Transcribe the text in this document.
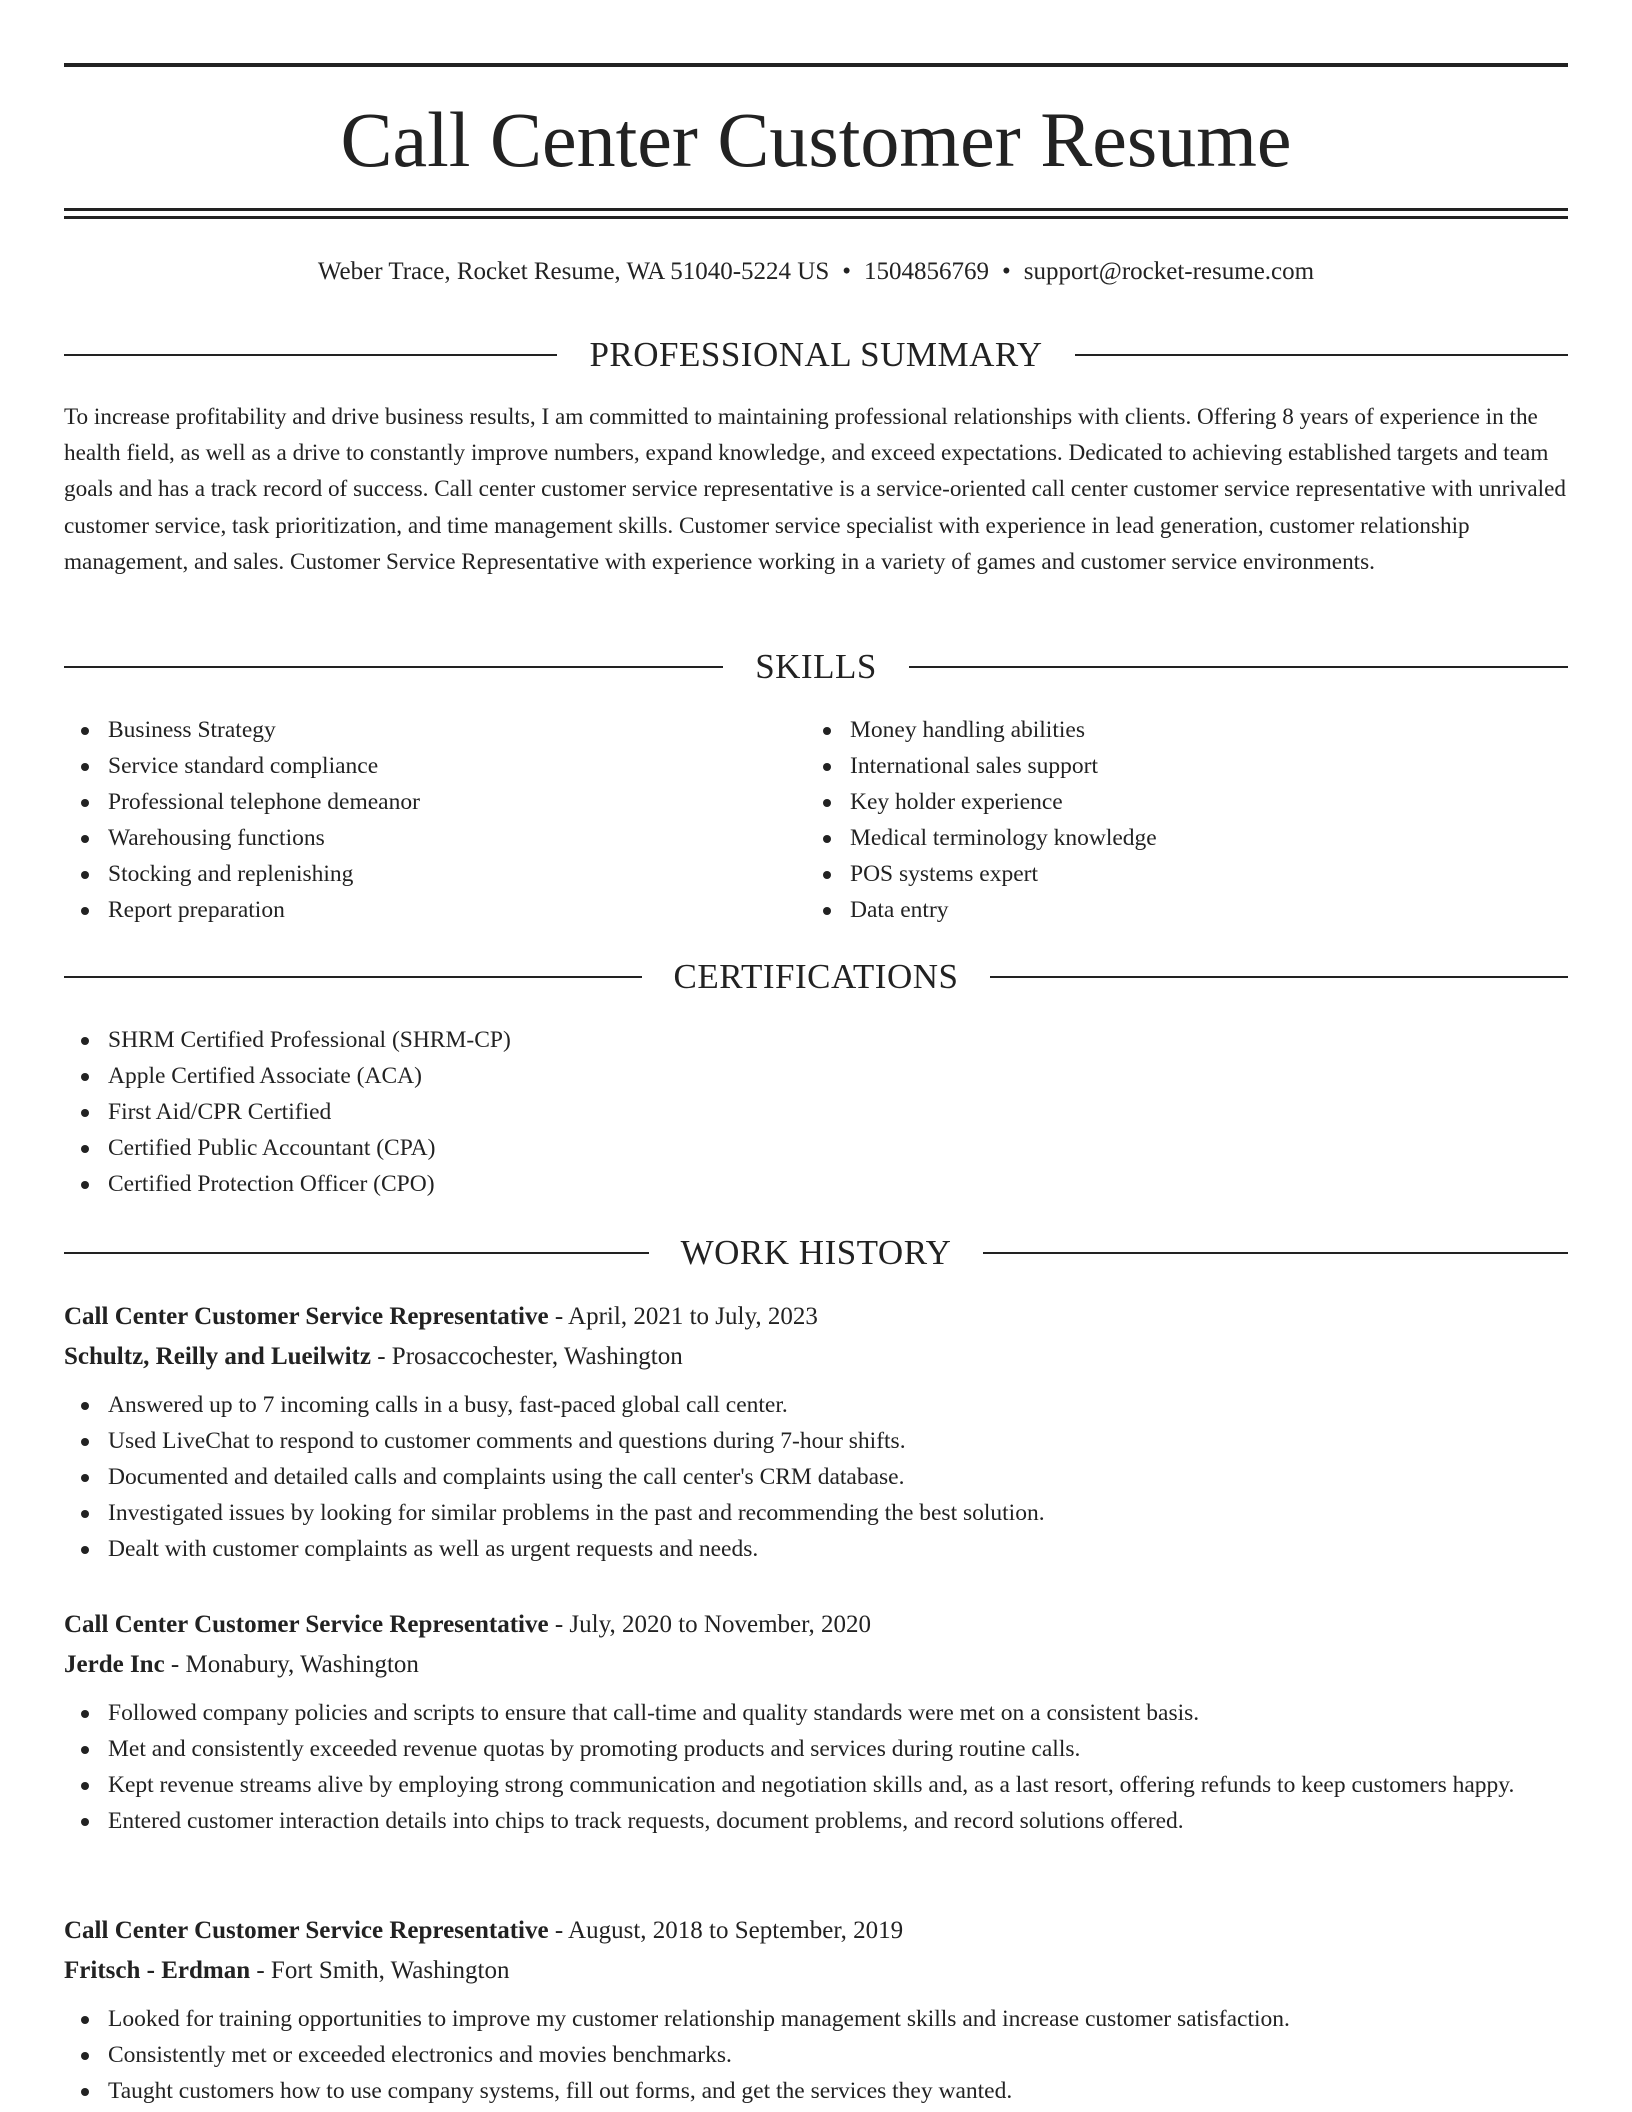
Call Center Customer Resume
Weber Trace, Rocket Resume, WA 51040-5224 US • 1504856769 • support@rocket-resume.com
PROFESSIONAL SUMMARY

To increase profitability and drive business results, I am committed to maintaining professional relationships with clients. Offering 8 years of experience in the health field, as well as a drive to constantly improve numbers, expand knowledge, and exceed expectations. Dedicated to achieving established targets and team goals and has a track record of success. Call center customer service representative is a service-oriented call center customer service representative with unrivaled customer service, task prioritization, and time management skills. Customer service specialist with experience in lead generation, customer relationship management, and sales. Customer Service Representative with experience working in a variety of games and customer service environments.

SKILLS
Business Strategy
Service standard compliance
Professional telephone demeanor
Warehousing functions
Stocking and replenishing
Report preparation
Money handling abilities
International sales support
Key holder experience
Medical terminology knowledge
POS systems expert
Data entry
CERTIFICATIONS
SHRM Certified Professional (SHRM-CP)
Apple Certified Associate (ACA)
First Aid/CPR Certified
Certified Public Accountant (CPA)
Certified Protection Officer (CPO)
WORK HISTORY
Call Center Customer Service Representative - April, 2021 to July, 2023
Schultz, Reilly and Lueilwitz - Prosaccochester, Washington
Answered up to 7 incoming calls in a busy, fast-paced global call center.
Used LiveChat to respond to customer comments and questions during 7-hour shifts.
Documented and detailed calls and complaints using the call center's CRM database.
Investigated issues by looking for similar problems in the past and recommending the best solution.
Dealt with customer complaints as well as urgent requests and needs.
Call Center Customer Service Representative - July, 2020 to November, 2020
Jerde Inc - Monabury, Washington
Followed company policies and scripts to ensure that call-time and quality standards were met on a consistent basis.
Met and consistently exceeded revenue quotas by promoting products and services during routine calls.
Kept revenue streams alive by employing strong communication and negotiation skills and, as a last resort, offering refunds to keep customers happy.
Entered customer interaction details into chips to track requests, document problems, and record solutions offered.
Call Center Customer Service Representative - August, 2018 to September, 2019
Fritsch - Erdman - Fort Smith, Washington
Looked for training opportunities to improve my customer relationship management skills and increase customer satisfaction.
Consistently met or exceeded electronics and movies benchmarks.
Taught customers how to use company systems, fill out forms, and get the services they wanted.
